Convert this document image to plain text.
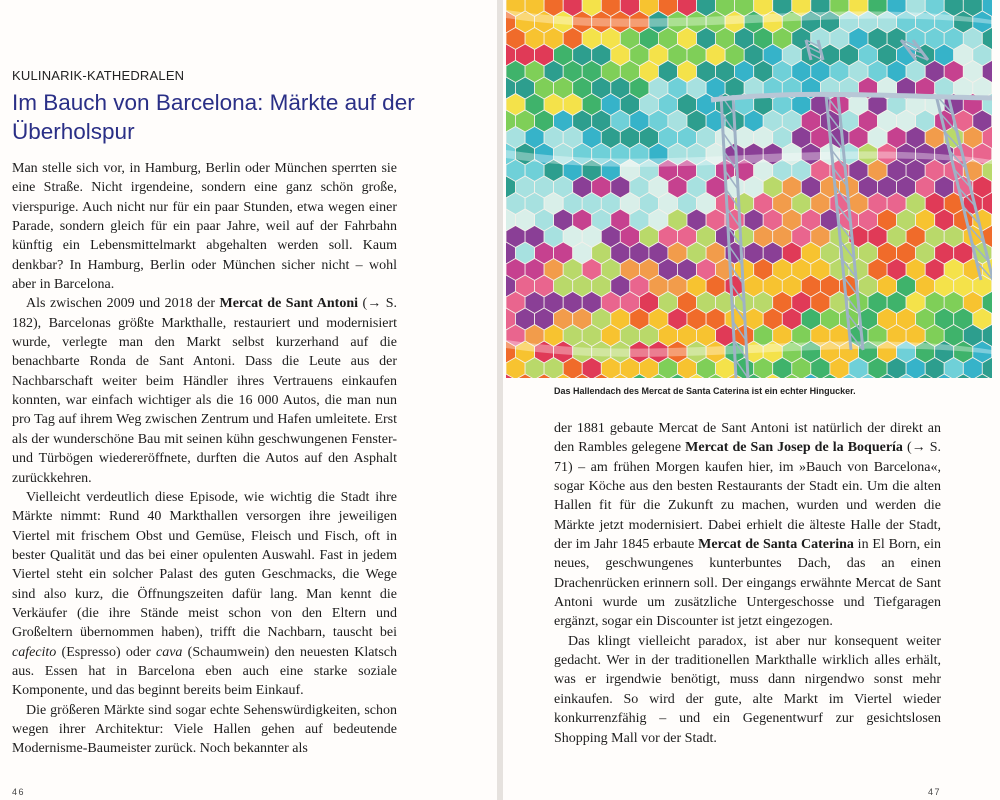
KULINARIK-KATHEDRALEN
Im Bauch von Barcelona: Märkte auf der Überholspur

Man stelle sich vor, in Hamburg, Berlin oder München sperrten sie eine Straße. Nicht irgendeine, sondern eine ganz schön große, vierspurige. Auch nicht nur für ein paar Stunden, etwa wegen einer Parade, sondern gleich für ein paar Jahre, weil auf der Fahrbahn künftig ein Lebensmittelmarkt abgehalten werden soll. Kaum denkbar? In Hamburg, Berlin oder München sicher nicht – wohl aber in Barcelona.

Als zwischen 2009 und 2018 der Mercat de Sant Antoni (→ S. 182), Barcelonas größte Markthalle, restauriert und modernisiert wurde, verlegte man den Markt selbst kurzerhand auf die benachbarte Ronda de Sant Antoni. Dass die Leute aus der Nachbarschaft weiter beim Händler ihres Vertrauens einkaufen konnten, war einfach wichtiger als die 16 000 Autos, die man nun pro Tag auf ihrem Weg zwischen Zentrum und Hafen umleitete. Erst als der wunderschöne Bau mit seinen kühn geschwungenen Fenster- und Türbögen wiedereröffnete, durften die Autos auf den Asphalt zurückkehren.

Vielleicht verdeutlich diese Episode, wie wichtig die Stadt ihre Märkte nimmt: Rund 40 Markthallen versorgen ihre jeweiligen Viertel mit frischem Obst und Gemüse, Fleisch und Fisch, oft in bester Qualität und das bei einer opulenten Auswahl. Fast in jedem Viertel steht ein solcher Palast des guten Geschmacks, die Wege sind also kurz, die Öffnungszeiten dafür lang. Man kennt die Verkäufer (die ihre Stände meist schon von den Eltern und Großeltern übernommen haben), trifft die Nachbarn, tauscht bei cafecito (Espresso) oder cava (Schaumwein) den neuesten Klatsch aus. Essen hat in Barcelona eben auch eine starke soziale Komponente, und das beginnt bereits beim Einkauf.

Die größeren Märkte sind sogar echte Sehenswürdigkeiten, schon wegen ihrer Architektur: Viele Hallen gehen auf bedeutende Modernisme-Baumeister zurück. Noch bekannter als

46
Das Hallendach des Mercat de Santa Caterina ist ein echter Hingucker.

der 1881 gebaute Mercat de Sant Antoni ist natürlich der direkt an den Rambles gelegene Mercat de San Josep de la Boquería (→ S. 71) – am frühen Morgen kaufen hier, im »Bauch von Barcelona«, sogar Köche aus den besten Restaurants der Stadt ein. Um die alten Hallen fit für die Zukunft zu machen, wurden und werden die Märkte jetzt modernisiert. Dabei erhielt die älteste Halle der Stadt, der im Jahr 1845 erbaute Mercat de Santa Caterina in El Born, ein neues, geschwungenes kunterbuntes Dach, das an einen Drachenrücken erinnern soll. Der eingangs erwähnte Mercat de Sant Antoni wurde um zusätzliche Untergeschosse und Tiefgaragen ergänzt, sogar ein Discounter ist jetzt eingezogen.

Das klingt vielleicht paradox, ist aber nur konsequent weiter gedacht. Wer in der traditionellen Markthalle wirklich alles erhält, was er irgendwie benötigt, muss dann nirgendwo sonst mehr einkaufen. So wird der gute, alte Markt im Viertel wieder konkurrenzfähig – und ein Gegenentwurf zur gesichtslosen Shopping Mall vor der Stadt.

47
